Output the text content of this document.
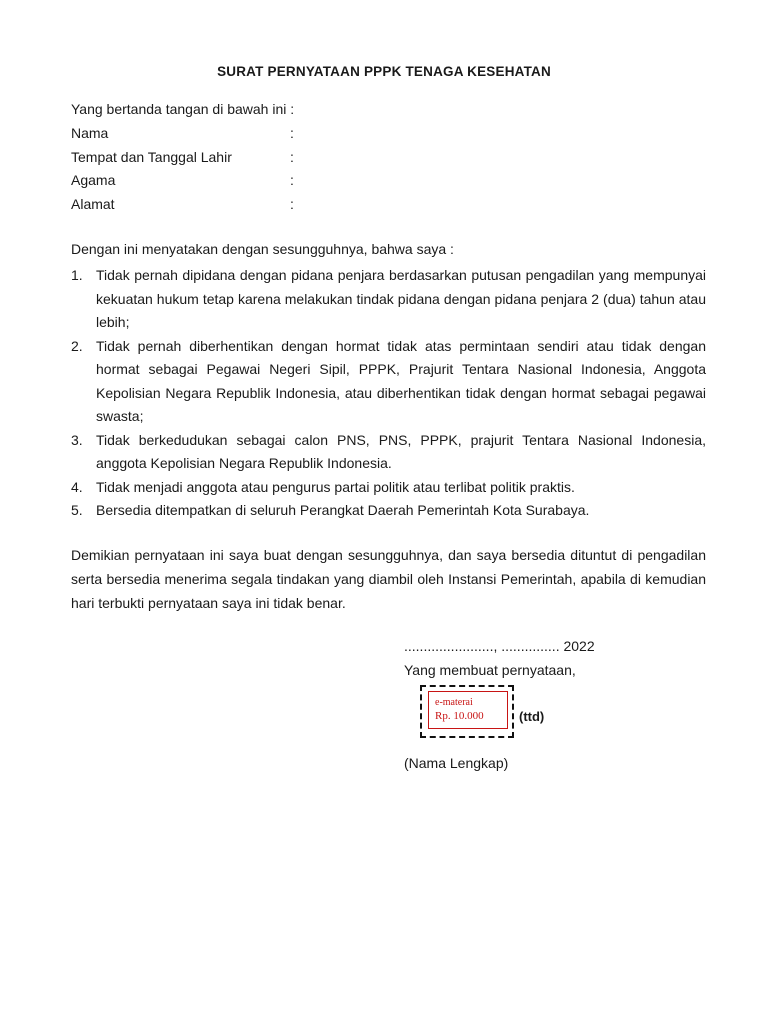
SURAT PERNYATAAN PPPK TENAGA KESEHATAN
Yang bertanda tangan di bawah ini :
Nama	:
Tempat dan Tanggal Lahir	:
Agama	:
Alamat	:
Dengan ini menyatakan dengan sesungguhnya, bahwa saya :
1. Tidak pernah dipidana dengan pidana penjara berdasarkan putusan pengadilan yang mempunyai kekuatan hukum tetap karena melakukan tindak pidana dengan pidana penjara 2 (dua) tahun atau lebih;
2. Tidak pernah diberhentikan dengan hormat tidak atas permintaan sendiri atau tidak dengan hormat sebagai Pegawai Negeri Sipil, PPPK, Prajurit Tentara Nasional Indonesia, Anggota Kepolisian Negara Republik Indonesia, atau diberhentikan tidak dengan hormat sebagai pegawai swasta;
3. Tidak berkedudukan sebagai calon PNS, PNS, PPPK, prajurit Tentara Nasional Indonesia, anggota Kepolisian Negara Republik Indonesia.
4. Tidak menjadi anggota atau pengurus partai politik atau terlibat politik praktis.
5. Bersedia ditempatkan di seluruh Perangkat Daerah Pemerintah Kota Surabaya.

Demikian pernyataan ini saya buat dengan sesungguhnya, dan saya bersedia dituntut di pengadilan serta bersedia menerima segala tindakan yang diambil oleh Instansi Pemerintah, apabila di kemudian hari terbukti pernyataan saya ini tidak benar.

......................., ............... 2022
Yang membuat pernyataan,
e-materai
Rp. 10.000	(ttd)
(Nama Lengkap)
